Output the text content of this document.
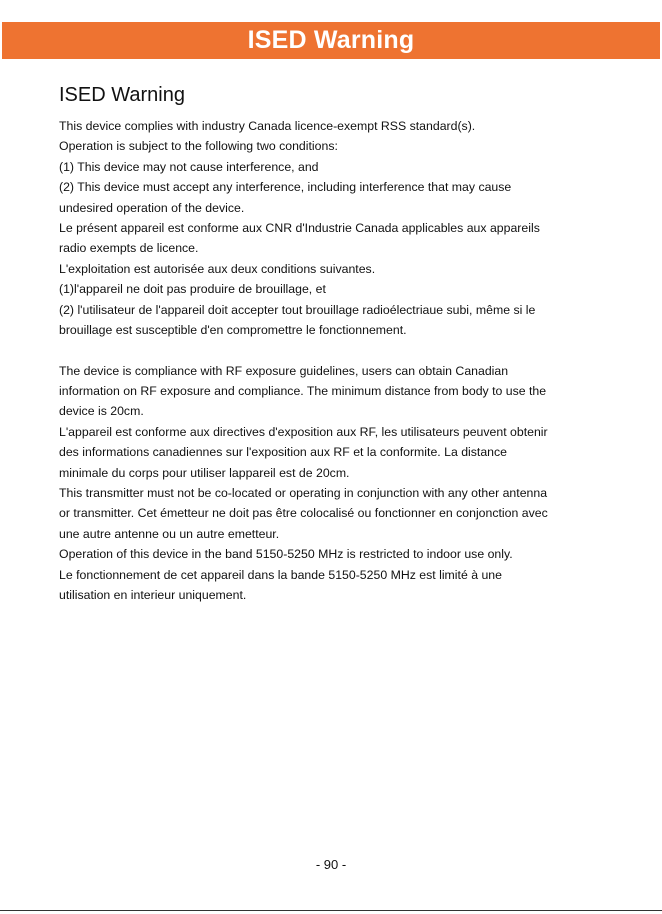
ISED Warning
ISED Warning
This device complies with industry Canada licence-exempt RSS standard(s).
Operation is subject to the following two conditions:
(1) This device may not cause interference, and
(2) This device must accept any interference, including interference that may cause
undesired operation of the device.
Le présent appareil est conforme aux CNR d'Industrie Canada applicables aux appareils
radio exempts de licence.
L'exploitation est autorisée aux deux conditions suivantes.
(1)l'appareil ne doit pas produire de brouillage, et
(2) l'utilisateur de l'appareil doit accepter tout brouillage radioélectriaue subi, même si le
brouillage est susceptible d'en compromettre le fonctionnement.
The device is compliance with RF exposure guidelines, users can obtain Canadian
information on RF exposure and compliance. The minimum distance from body to use the
device is 20cm.
L'appareil est conforme aux directives d'exposition aux RF, les utilisateurs peuvent obtenir
des informations canadiennes sur l'exposition aux RF et la conformite. La distance
minimale du corps pour utiliser lappareil est de 20cm.
This transmitter must not be co-located or operating in conjunction with any other antenna
or transmitter. Cet émetteur ne doit pas être colocalisé ou fonctionner en conjonction avec
une autre antenne ou un autre emetteur.
Operation of this device in the band 5150-5250 MHz is restricted to indoor use only.
Le fonctionnement de cet appareil dans la bande 5150-5250 MHz est limité à une
utilisation en interieur uniquement.
- 90 -
